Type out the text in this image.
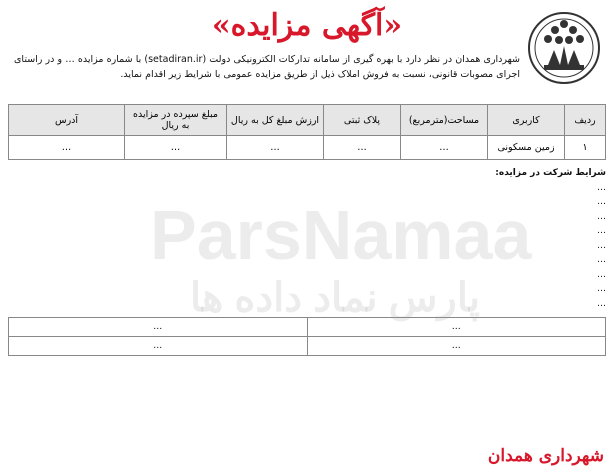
ParsNamaa
پارس نماد داده ها
«آگهی مزایده»
شهرداری همدان در نظر دارد با بهره گیری از سامانه تدارکات الکترونیکی دولت (setadiran.ir) با شماره مزایده … و در راستای اجرای مصوبات قانونی، نسبت به فروش املاک ذیل از طریق مزایده عمومی با شرایط زیر اقدام نماید.
ردیف	کاربری	مساحت(مترمربع)	پلاک ثبتی	ارزش مبلغ کل به ریال	مبلغ سپرده در مزایده به ریال	آدرس
۱	زمین مسکونی	…	…	…	…	…

شرایط شرکت در مزایده:

…

…

…

…

…

…

…

…

…

…	…
…	…
شهرداری همدان
